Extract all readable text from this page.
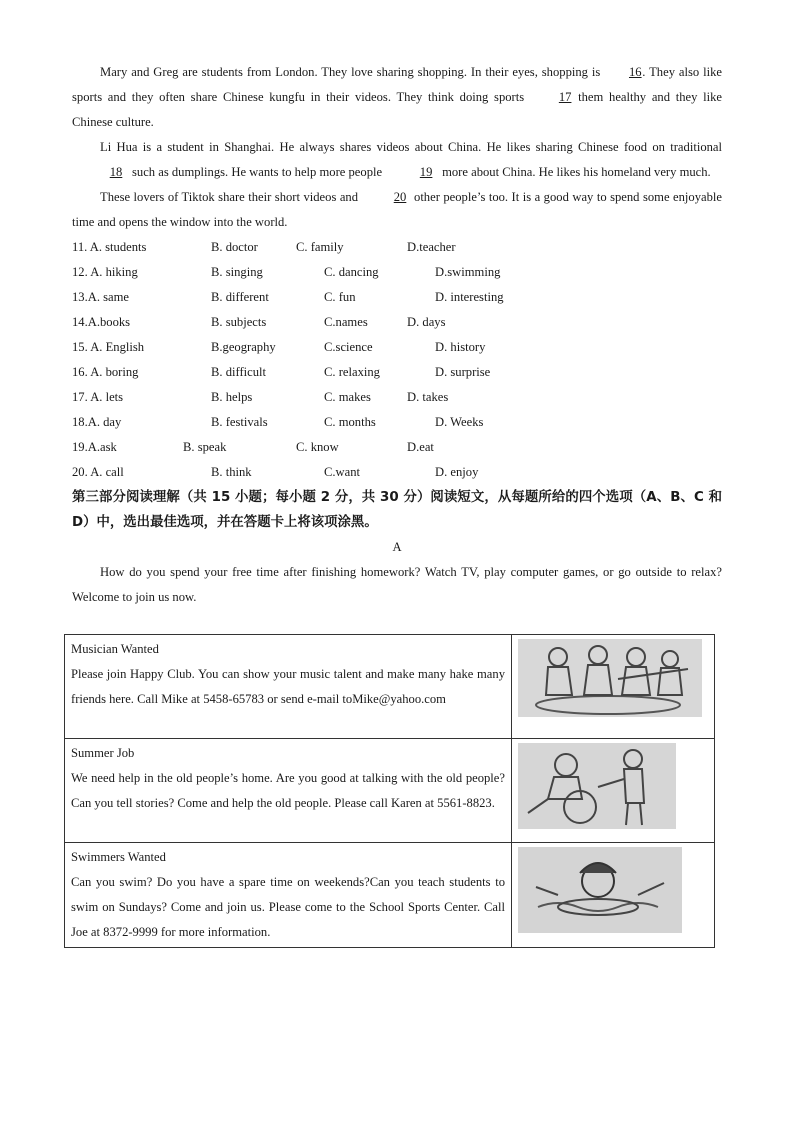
Mary and Greg are students from London. They love sharing shopping. In their eyes, shopping is 16. They also like sports and they often share Chinese kungfu in their videos. They think doing sports	17 them healthy and they like Chinese culture.

Li Hua is a student in Shanghai. He always shares videos about China. He likes sharing Chinese food on traditional 18 such as dumplings. He wants to help more people	19 more about China. He likes his homeland very much.

These lovers of Tiktok share their short videos and	20 other people’s too. It is a good way to spend some enjoyable time and opens the window into the world.

11. A. students	B. doctor	C. family	D.teacher
12. A. hiking	B. singing	C. dancing	D.swimming
13.A. same	B. different	C. fun	D. interesting
14.A.books	B. subjects	C.names	D. days
15. A. English	B.geography	C.science	D. history
16. A. boring	B. difficult	C. relaxing	D. surprise
17. A. lets	B. helps	C. makes	D. takes
18.A. day	B. festivals	C. months	D. Weeks
19.A.ask	B. speak	C. know	D.eat
20. A. call	B. think	C.want	D. enjoy

第三部分阅读理解（共 15 小题；每小题 2 分，共 30 分）阅读短文，从每题所给的四个选项（A、B、C 和 D）中，选出最佳选项，并在答题卡上将该项涂黑。

A

How do you spend your free time after finishing homework? Watch TV, play computer games, or go outside to relax? Welcome to join us now.

Musician Wanted
Please join Happy Club. You can show your music talent and make many hake many friends here. Call Mike at 5458-65783 or send e-mail toMike@yahoo.com	

Summer Job
We need help in the old people’s home. Are you good at talking with the old people? Can you tell stories? Come and help the old people. Please call Karen at 5561-8823.	

Swimmers Wanted
Can you swim? Do you have a spare time on weekends?Can you teach students to swim on Sundays? Come and join us. Please come to the School Sports Center. Call Joe at 8372-9999 for more information.	
